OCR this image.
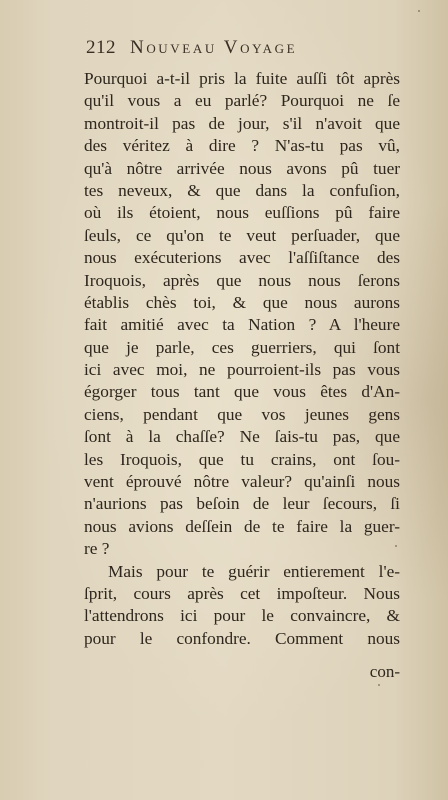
212 Nouveau Voyage
Pourquoi a-t-il pris la fuite auſſi tôt après
qu'il vous a eu parlé? Pourquoi ne ſe
montroit-il pas de jour, s'il n'avoit que
des véritez à dire ? N'as-tu pas vû,
qu'à nôtre arrivée nous avons pû tuer
tes neveux, & que dans la confuſion,
où ils étoient, nous euſſions pû faire
ſeuls, ce qu'on te veut perſuader, que
nous exécuterions avec l'aſſiſtance des
Iroquois, après que nous nous ſerons
établis chès toi, & que nous aurons
fait amitié avec ta Nation ? A l'heure
que je parle, ces guerriers, qui ſont
ici avec moi, ne pourroient-ils pas vous
égorger tous tant que vous êtes d'An-
ciens, pendant que vos jeunes gens
ſont à la chaſſe? Ne ſais-tu pas, que
les Iroquois, que tu crains, ont ſou-
vent éprouvé nôtre valeur? qu'ainſi nous
n'aurions pas beſoin de leur ſecours, ſi
nous avions deſſein de te faire la guer-
re ?
Mais pour te guérir entierement l'e-
ſprit, cours après cet impoſteur. Nous
l'attendrons ici pour le convaincre, &
pour le confondre. Comment nous
con-
